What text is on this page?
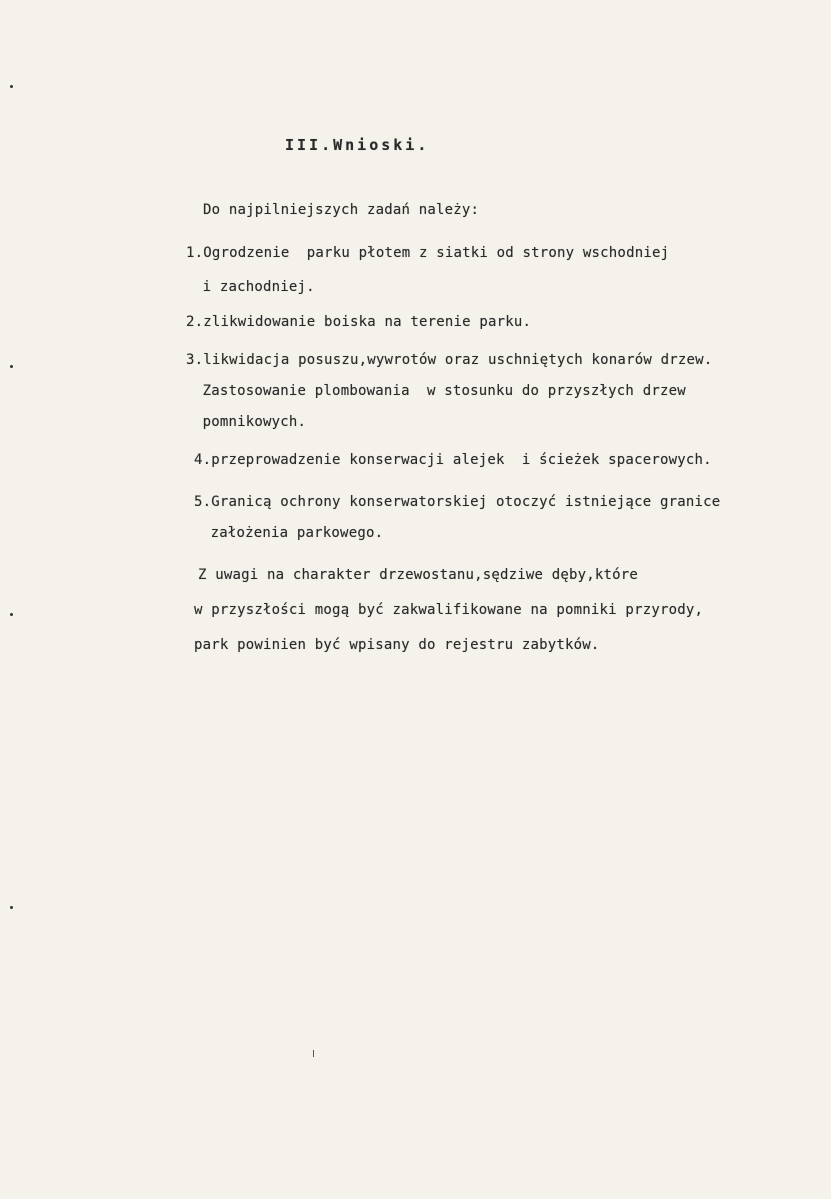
III.Wnioski.
Do najpilniejszych zadań należy:
1.Ogrodzenie  parku płotem z siatki od strony wschodniej
i zachodniej.
2.zlikwidowanie boiska na terenie parku.
3.likwidacja posuszu,wywrotów oraz uschniętych konarów drzew.
Zastosowanie plombowania  w stosunku do przyszłych drzew
pomnikowych.
4.przeprowadzenie konserwacji alejek  i ścieżek spacerowych.
5.Granicą ochrony konserwatorskiej otoczyć istniejące granice
założenia parkowego.
Z uwagi na charakter drzewostanu,sędziwe dęby,które
w przyszłości mogą być zakwalifikowane na pomniki przyrody,
park powinien być wpisany do rejestru zabytków.
